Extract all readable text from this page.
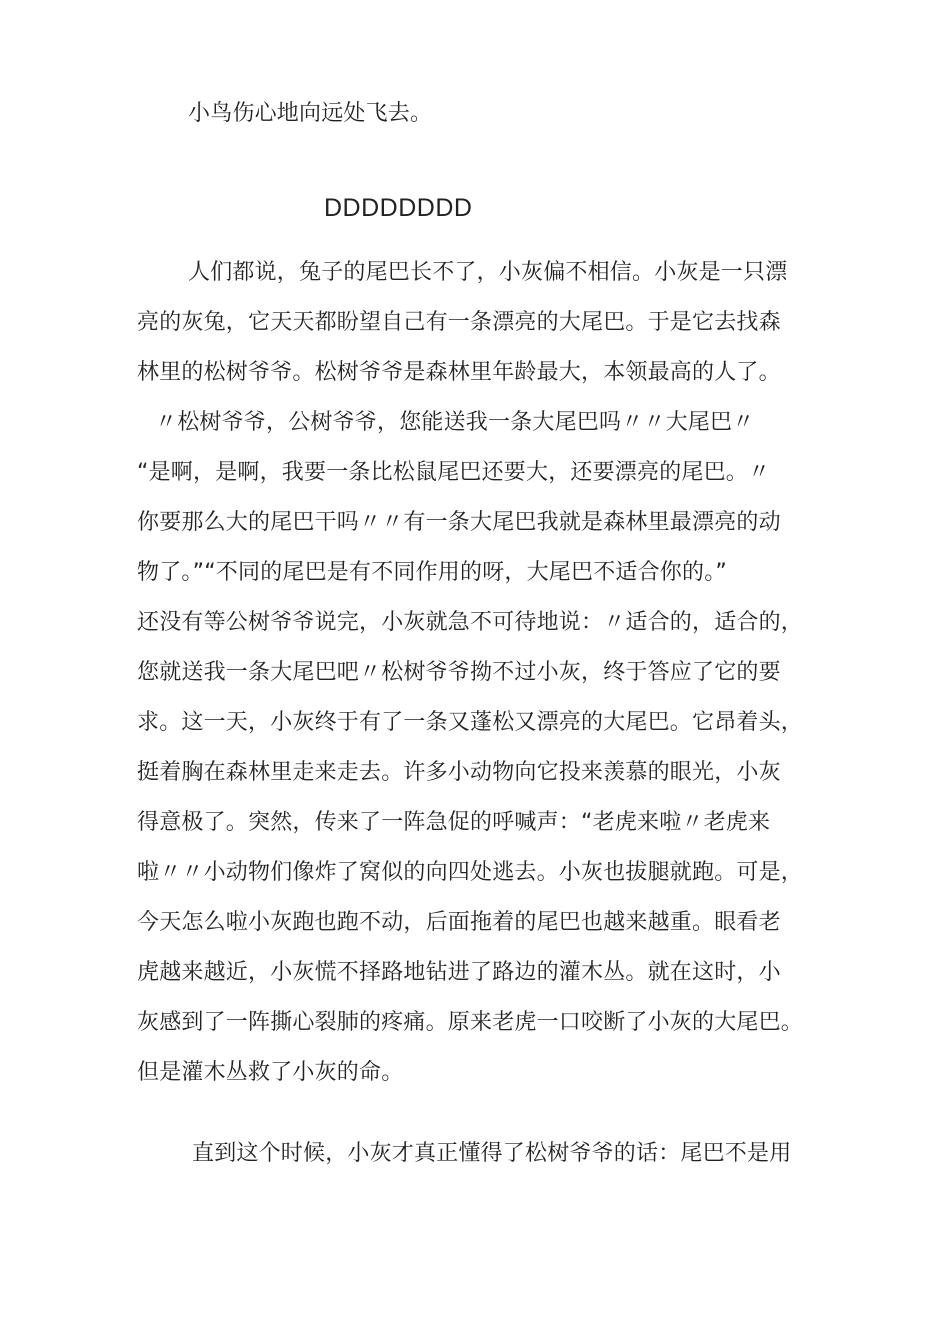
小鸟伤心地向远处飞去。
DDDDDDDD
人们都说，兔子的尾巴长不了，小灰偏不相信。小灰是一只漂
亮的灰兔，它天天都盼望自己有一条漂亮的大尾巴。于是它去找森
林里的松树爷爷。松树爷爷是森林里年龄最大，本领最高的人了。
〃松树爷爷，公树爷爷，您能送我一条大尾巴吗〃〃大尾巴〃
“是啊，是啊，我要一条比松鼠尾巴还要大，还要漂亮的尾巴。〃
你要那么大的尾巴干吗〃〃有一条大尾巴我就是森林里最漂亮的动
物了。”“不同的尾巴是有不同作用的呀，大尾巴不适合你的。”
还没有等公树爷爷说完，小灰就急不可待地说：〃适合的，适合的，
您就送我一条大尾巴吧〃松树爷爷拗不过小灰，终于答应了它的要
求。这一天，小灰终于有了一条又蓬松又漂亮的大尾巴。它昂着头，
挺着胸在森林里走来走去。许多小动物向它投来羡慕的眼光，小灰
得意极了。突然，传来了一阵急促的呼喊声：“老虎来啦〃老虎来
啦〃〃小动物们像炸了窝似的向四处逃去。小灰也拔腿就跑。可是，
今天怎么啦小灰跑也跑不动，后面拖着的尾巴也越来越重。眼看老
虎越来越近，小灰慌不择路地钻进了路边的灌木丛。就在这时，小
灰感到了一阵撕心裂肺的疼痛。原来老虎一口咬断了小灰的大尾巴。
但是灌木丛救了小灰的命。
直到这个时候，小灰才真正懂得了松树爷爷的话：尾巴不是用
